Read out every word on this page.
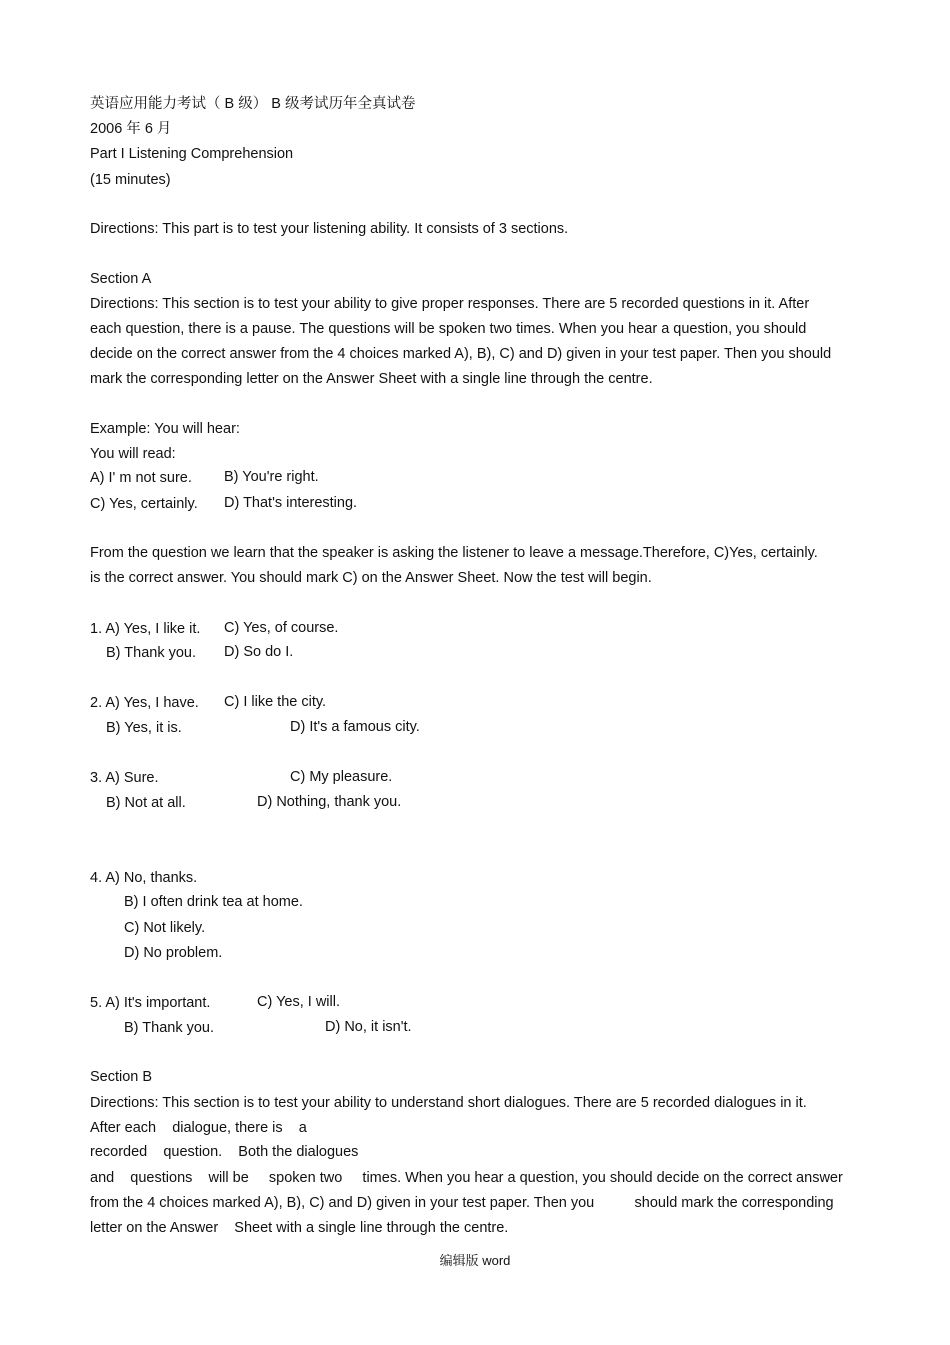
英语应用能力考试（ B 级） B 级考试历年全真试卷
2006 年 6 月
Part I Listening Comprehension
(15 minutes)
Directions: This part is to test your listening ability. It consists of 3 sections.
Section A
Directions: This section is to test your ability to give proper responses. There are 5 recorded questions in it. After
each question, there is a pause. The questions will be spoken two times. When you hear a question, you should
decide on the correct answer from the 4 choices marked A), B), C) and D) given in your test paper. Then you should
mark the corresponding letter on the Answer Sheet with a single line through the centre.
Example: You will hear:
You will read:
A) I' m not sure. B) You're right.
C) Yes, certainly. D) That's interesting.
From the question we learn that the speaker is asking the listener to leave a message.Therefore, C)Yes, certainly.
is the correct answer. You should mark C) on the Answer Sheet. Now the test will begin.
1. A) Yes, I like it. C) Yes, of course.
B) Thank you. D) So do I.
2. A) Yes, I have. C) I like the city.
B) Yes, it is.	D) It's a famous city.
3. A) Sure.	C) My pleasure.
B) Not at all.	D) Nothing, thank you.
4. A) No, thanks.
B) I often drink tea at home.
C) Not likely.
D) No problem.
5. A) It's important.	C) Yes, I will.
B) Thank you.	D) No, it isn't.
Section B
Directions: This section is to test your ability to understand short dialogues. There are 5 recorded dialogues in it.
After each    dialogue, there is    a
recorded    question.    Both the dialogues
and    questions    will be     spoken two     times. When you hear a question, you should decide on the correct answer
from the 4 choices marked A), B), C) and D) given in your test paper. Then you          should mark the corresponding
letter on the Answer    Sheet with a single line through the centre.
编辑版 word
